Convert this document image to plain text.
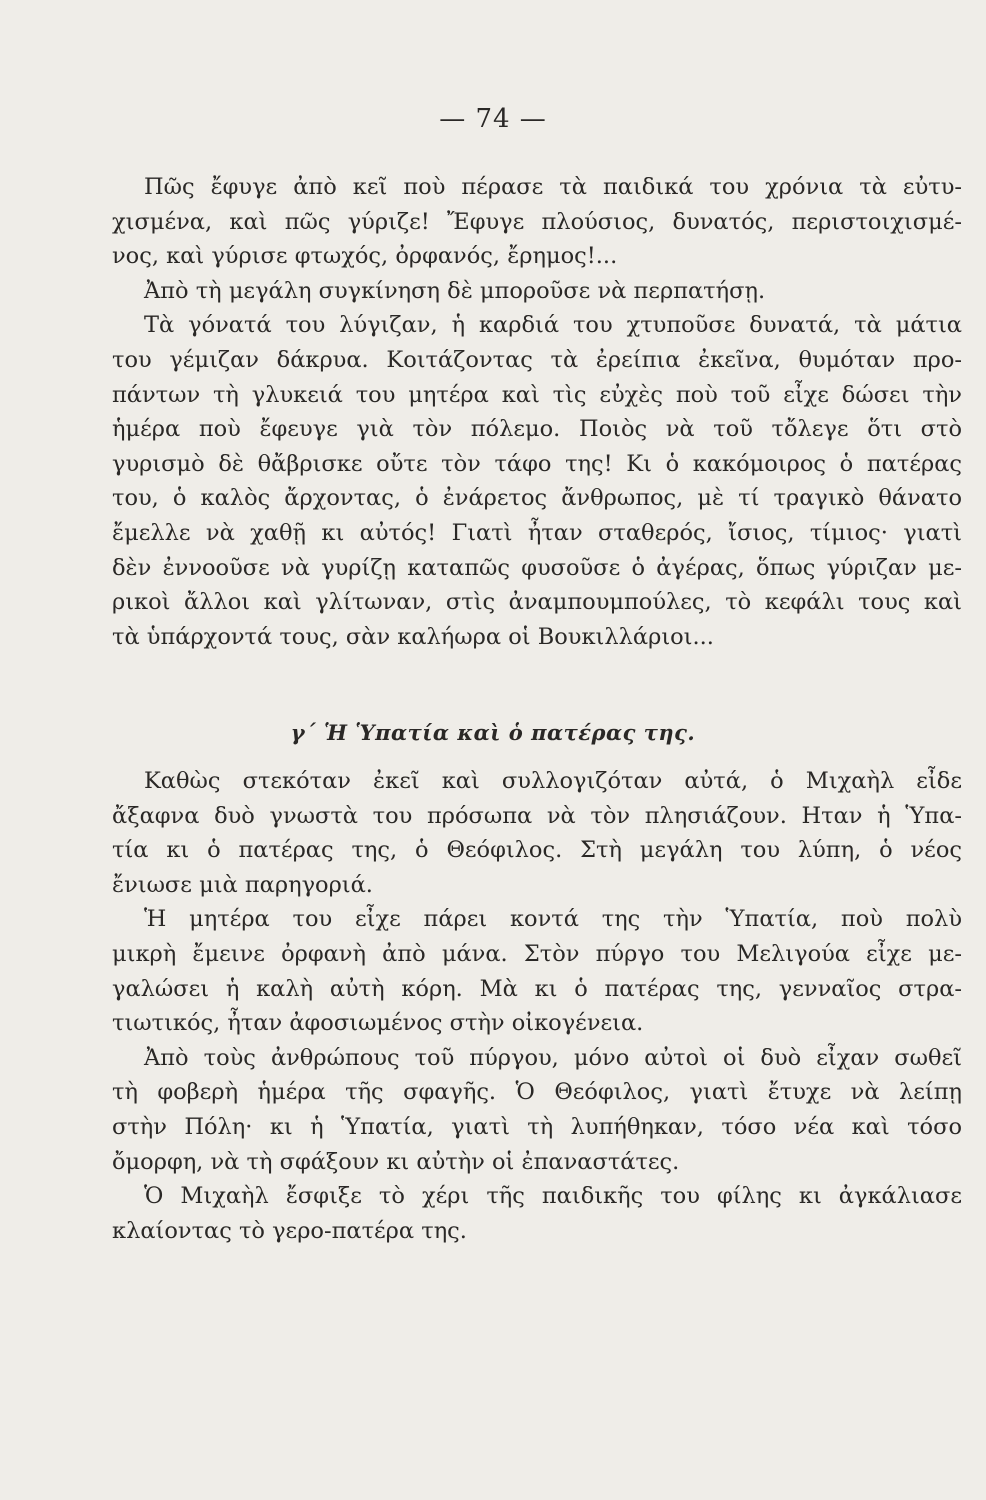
— 74 —
Πῶς ἔφυγε ἀπὸ κεῖ ποὺ πέρασε τὰ παιδικά του χρόνια τὰ εὐτυ-
χισμένα, καὶ πῶς γύριζε! Ἔφυγε πλούσιος, δυνατός, περιστοιχισμέ-
νος, καὶ γύρισε φτωχός, ὀρφανός, ἔρημος!...
Ἀπὸ τὴ μεγάλη συγκίνηση δὲ μποροῦσε νὰ περπατήσῃ.
Τὰ γόνατά του λύγιζαν, ἡ καρδιά του χτυποῦσε δυνατά, τὰ μάτια
του γέμιζαν δάκρυα. Κοιτάζοντας τὰ ἐρείπια ἐκεῖνα, θυμόταν προ-
πάντων τὴ γλυκειά του μητέρα καὶ τὶς εὐχὲς ποὺ τοῦ εἶχε δώσει τὴν
ἡμέρα ποὺ ἔφευγε γιὰ τὸν πόλεμο. Ποιὸς νὰ τοῦ τὄλεγε ὅτι στὸ
γυρισμὸ δὲ θἄβρισκε οὔτε τὸν τάφο της! Κι ὁ κακόμοιρος ὁ πατέρας
του, ὁ καλὸς ἄρχοντας, ὁ ἐνάρετος ἄνθρωπος, μὲ τί τραγικὸ θάνατο
ἔμελλε νὰ χαθῇ κι αὐτός! Γιατὶ ἦταν σταθερός, ἴσιος, τίμιος· γιατὶ
δὲν ἐννοοῦσε νὰ γυρίζῃ καταπῶς φυσοῦσε ὁ ἀγέρας, ὅπως γύριζαν με-
ρικοὶ ἄλλοι καὶ γλίτωναν, στὶς ἀναμπουμπούλες, τὸ κεφάλι τους καὶ
τὰ ὑπάρχοντά τους, σὰν καλήωρα οἱ Βουκιλλάριοι...
γ΄ Ἡ Ὑπατία καὶ ὁ πατέρας της.
Καθὼς στεκόταν ἐκεῖ καὶ συλλογιζόταν αὐτά, ὁ Μιχαὴλ εἶδε
ἄξαφνα δυὸ γνωστὰ του πρόσωπα νὰ τὸν πλησιάζουν. Ηταν ἡ Ὑπα-
τία κι ὁ πατέρας της, ὁ Θεόφιλος. Στὴ μεγάλη του λύπη, ὁ νέος
ἔνιωσε μιὰ παρηγοριά.
Ἡ μητέρα του εἶχε πάρει κοντά της τὴν Ὑπατία, ποὺ πολὺ
μικρὴ ἔμεινε ὀρφανὴ ἀπὸ μάνα. Στὸν πύργο του Μελιγούα εἶχε με-
γαλώσει ἡ καλὴ αὐτὴ κόρη. Μὰ κι ὁ πατέρας της, γενναῖος στρα-
τιωτικός, ἦταν ἀφοσιωμένος στὴν οἰκογένεια.
Ἀπὸ τοὺς ἀνθρώπους τοῦ πύργου, μόνο αὐτοὶ οἱ δυὸ εἶχαν σωθεῖ
τὴ φοβερὴ ἡμέρα τῆς σφαγῆς. Ὁ Θεόφιλος, γιατὶ ἔτυχε νὰ λείπῃ
στὴν Πόλη· κι ἡ Ὑπατία, γιατὶ τὴ λυπήθηκαν, τόσο νέα καὶ τόσο
ὄμορφη, νὰ τὴ σφάξουν κι αὐτὴν οἱ ἐπαναστάτες.
Ὁ Μιχαὴλ ἔσφιξε τὸ χέρι τῆς παιδικῆς του φίλης κι ἀγκάλιασε
κλαίοντας τὸ γερο-πατέρα της.
